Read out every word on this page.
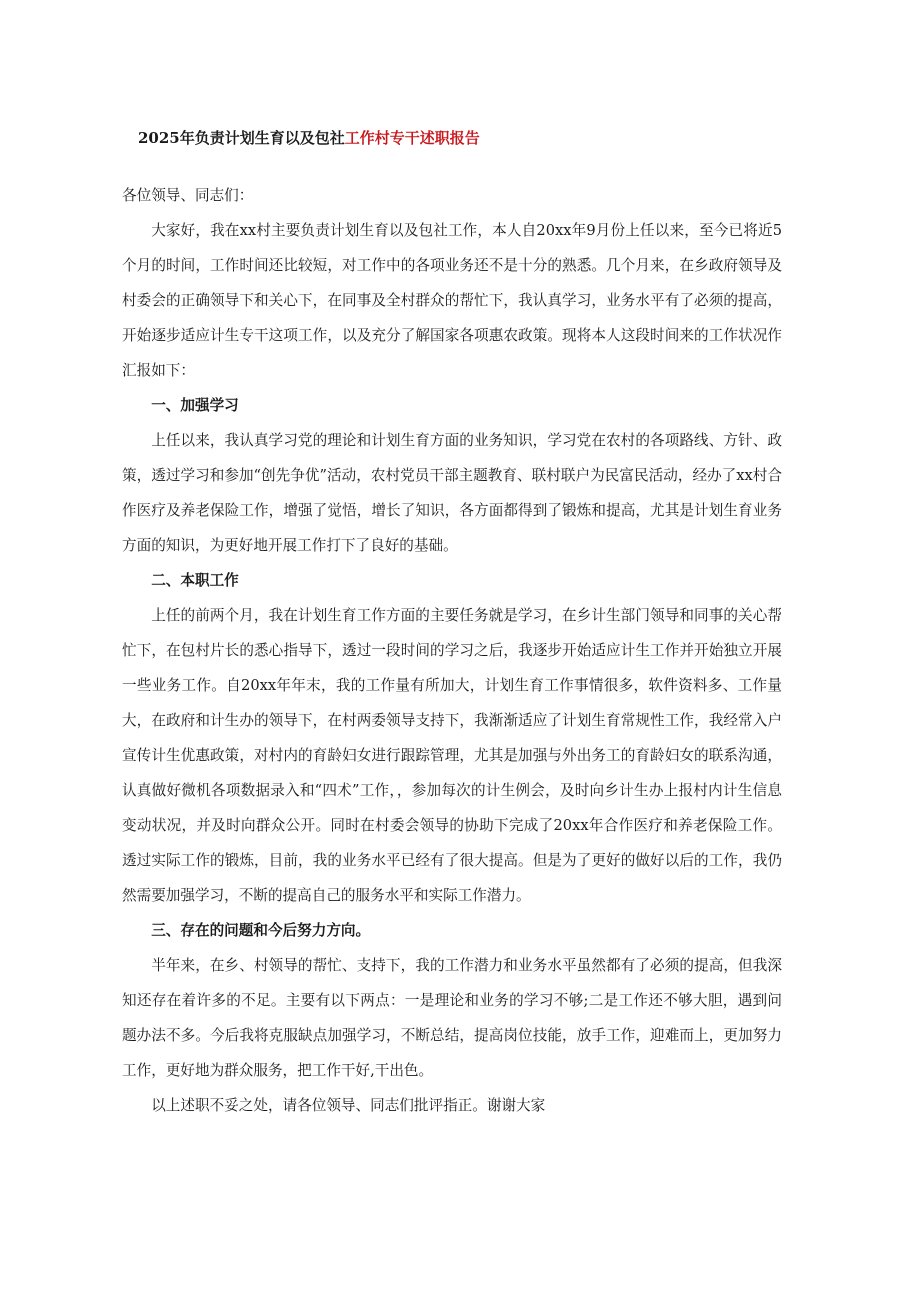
2025年负责计划生育以及包社工作村专干述职报告

各位领导、同志们：

大家好，我在xx村主要负责计划生育以及包社工作，本人自20xx年9月份上任以来，至今已将近5个月的时间，工作时间还比较短，对工作中的各项业务还不是十分的熟悉。几个月来，在乡政府领导及村委会的正确领导下和关心下，在同事及全村群众的帮忙下，我认真学习，业务水平有了必须的提高，开始逐步适应计生专干这项工作，以及充分了解国家各项惠农政策。现将本人这段时间来的工作状况作汇报如下：

一、加强学习

上任以来，我认真学习党的理论和计划生育方面的业务知识，学习党在农村的各项路线、方针、政策，透过学习和参加“创先争优”活动，农村党员干部主题教育、联村联户为民富民活动，经办了xx村合作医疗及养老保险工作，增强了觉悟，增长了知识，各方面都得到了锻炼和提高，尤其是计划生育业务方面的知识，为更好地开展工作打下了良好的基础。

二、本职工作

上任的前两个月，我在计划生育工作方面的主要任务就是学习，在乡计生部门领导和同事的关心帮忙下，在包村片长的悉心指导下，透过一段时间的学习之后，我逐步开始适应计生工作并开始独立开展一些业务工作。自20xx年年末，我的工作量有所加大，计划生育工作事情很多，软件资料多、工作量大，在政府和计生办的领导下，在村两委领导支持下，我渐渐适应了计划生育常规性工作，我经常入户宣传计生优惠政策，对村内的育龄妇女进行跟踪管理，尤其是加强与外出务工的育龄妇女的联系沟通，认真做好微机各项数据录入和“四术”工作，，参加每次的计生例会，及时向乡计生办上报村内计生信息变动状况，并及时向群众公开。同时在村委会领导的协助下完成了20xx年合作医疗和养老保险工作。透过实际工作的锻炼，目前，我的业务水平已经有了很大提高。但是为了更好的做好以后的工作，我仍然需要加强学习，不断的提高自己的服务水平和实际工作潜力。

三、存在的问题和今后努力方向。

半年来，在乡、村领导的帮忙、支持下，我的工作潜力和业务水平虽然都有了必须的提高，但我深知还存在着许多的不足。主要有以下两点：一是理论和业务的学习不够;二是工作还不够大胆，遇到问题办法不多。今后我将克服缺点加强学习，不断总结，提高岗位技能，放手工作，迎难而上，更加努力工作，更好地为群众服务，把工作干好,干出色。

以上述职不妥之处，请各位领导、同志们批评指正。谢谢大家
